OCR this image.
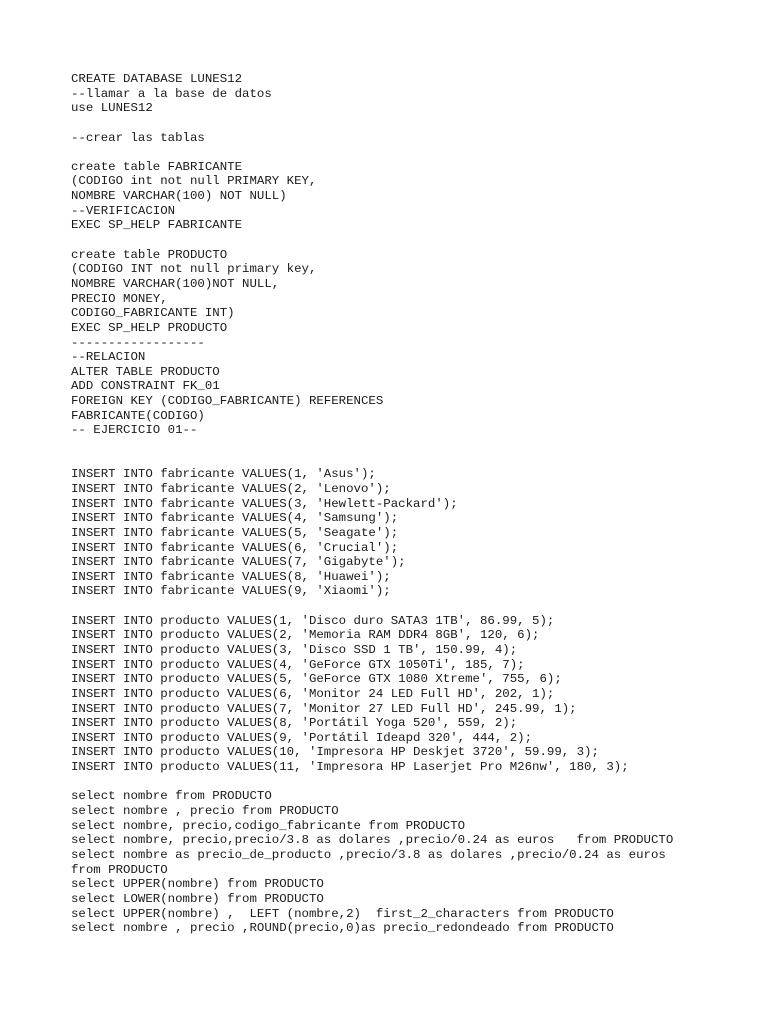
CREATE DATABASE LUNES12
--llamar a la base de datos
use LUNES12
--crear las tablas
create table FABRICANTE
(CODIGO int not null PRIMARY KEY,
NOMBRE VARCHAR(100) NOT NULL)
--VERIFICACION
EXEC SP_HELP FABRICANTE
create table PRODUCTO
(CODIGO INT not null primary key,
NOMBRE VARCHAR(100)NOT NULL,
PRECIO MONEY,
CODIGO_FABRICANTE INT)
EXEC SP_HELP PRODUCTO
------------------
--RELACION
ALTER TABLE PRODUCTO
ADD CONSTRAINT FK_01
FOREIGN KEY (CODIGO_FABRICANTE) REFERENCES
FABRICANTE(CODIGO)
-- EJERCICIO 01--
INSERT INTO fabricante VALUES(1, 'Asus');
INSERT INTO fabricante VALUES(2, 'Lenovo');
INSERT INTO fabricante VALUES(3, 'Hewlett-Packard');
INSERT INTO fabricante VALUES(4, 'Samsung');
INSERT INTO fabricante VALUES(5, 'Seagate');
INSERT INTO fabricante VALUES(6, 'Crucial');
INSERT INTO fabricante VALUES(7, 'Gigabyte');
INSERT INTO fabricante VALUES(8, 'Huawei');
INSERT INTO fabricante VALUES(9, 'Xiaomi');
INSERT INTO producto VALUES(1, 'Disco duro SATA3 1TB', 86.99, 5);
INSERT INTO producto VALUES(2, 'Memoria RAM DDR4 8GB', 120, 6);
INSERT INTO producto VALUES(3, 'Disco SSD 1 TB', 150.99, 4);
INSERT INTO producto VALUES(4, 'GeForce GTX 1050Ti', 185, 7);
INSERT INTO producto VALUES(5, 'GeForce GTX 1080 Xtreme', 755, 6);
INSERT INTO producto VALUES(6, 'Monitor 24 LED Full HD', 202, 1);
INSERT INTO producto VALUES(7, 'Monitor 27 LED Full HD', 245.99, 1);
INSERT INTO producto VALUES(8, 'Portátil Yoga 520', 559, 2);
INSERT INTO producto VALUES(9, 'Portátil Ideapd 320', 444, 2);
INSERT INTO producto VALUES(10, 'Impresora HP Deskjet 3720', 59.99, 3);
INSERT INTO producto VALUES(11, 'Impresora HP Laserjet Pro M26nw', 180, 3);
select nombre from PRODUCTO
select nombre , precio from PRODUCTO
select nombre, precio,codigo_fabricante from PRODUCTO
select nombre, precio,precio/3.8 as dolares ,precio/0.24 as euros   from PRODUCTO
select nombre as precio_de_producto ,precio/3.8 as dolares ,precio/0.24 as euros
from PRODUCTO
select UPPER(nombre) from PRODUCTO
select LOWER(nombre) from PRODUCTO
select UPPER(nombre) ,  LEFT (nombre,2)  first_2_characters from PRODUCTO
select nombre , precio ,ROUND(precio,0)as precio_redondeado from PRODUCTO
